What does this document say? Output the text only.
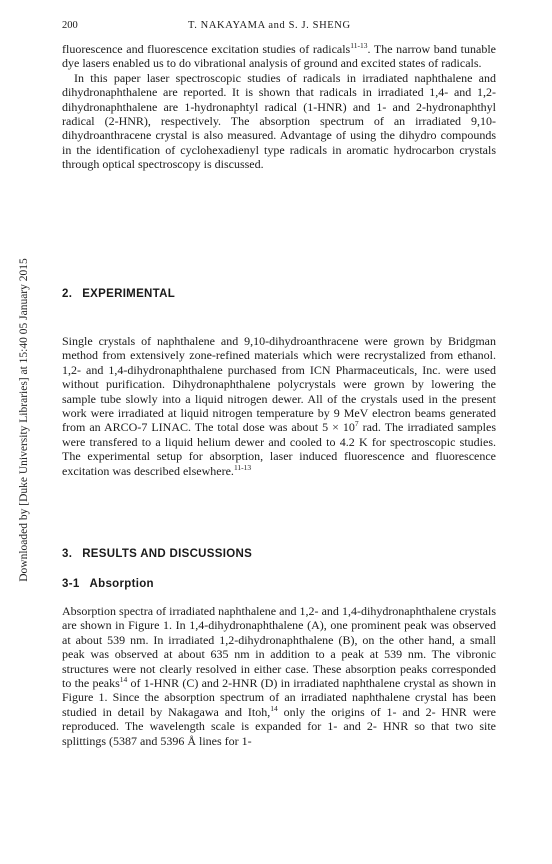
Downloaded by [Duke University Libraries] at 15:40 05 January 2015
200	T. NAKAYAMA and S. J. SHENG

fluorescence and fluorescence excitation studies of radicals$^{11-13}$. The narrow band tunable dye lasers enabled us to do vibrational analysis of ground and excited states of radicals.

In this paper laser spectroscopic studies of radicals in irradiated naphthalene and dihydronaphthalene are reported. It is shown that radicals in irradiated 1,4- and 1,2-dihydronaphthalene are 1-hydronaphtyl radical (1-HNR) and 1- and 2-hydronaphthyl radical (2-HNR), respectively. The absorption spectrum of an irradiated 9,10-dihydroanthracene crystal is also measured. Advantage of using the dihydro compounds in the identification of cyclohexadienyl type radicals in aromatic hydrocarbon crystals through optical spectroscopy is discussed.

2. EXPERIMENTAL

Single crystals of naphthalene and 9,10-dihydroanthracene were grown by Bridgman method from extensively zone-refined materials which were recrystalized from ethanol. 1,2- and 1,4-dihydronaphthalene purchased from ICN Pharmaceuticals, Inc. were used without purification. Dihydronaphthalene polycrystals were grown by lowering the sample tube slowly into a liquid nitrogen dewer. All of the crystals used in the present work were irradiated at liquid nitrogen temperature by 9 MeV electron beams generated from an ARCO-7 LINAC. The total dose was about $5 \times 10^7$ rad. The irradiated samples were transfered to a liquid helium dewer and cooled to 4.2 K for spectroscopic studies. The experimental setup for absorption, laser induced fluorescence and fluorescence excitation was described elsewhere.$^{11-13}$

3. RESULTS AND DISCUSSIONS
3-1 Absorption

Absorption spectra of irradiated naphthalene and 1,2- and 1,4-dihydronaphthalene crystals are shown in Figure 1. In 1,4-dihydronaphthalene (A), one prominent peak was observed at about 539 nm. In irradiated 1,2-dihydronaphthalene (B), on the other hand, a small peak was observed at about 635 nm in addition to a peak at 539 nm. The vibronic structures were not clearly resolved in either case. These absorption peaks corresponded to the peaks$^{14}$ of 1-HNR (C) and 2-HNR (D) in irradiated naphthalene crystal as shown in Figure 1. Since the absorption spectrum of an irradiated naphthalene crystal has been studied in detail by Nakagawa and Itoh,$^{14}$ only the origins of 1- and 2- HNR were reproduced. The wavelength scale is expanded for 1- and 2- HNR so that two site splittings (5387 and 5396 Å lines for 1-
